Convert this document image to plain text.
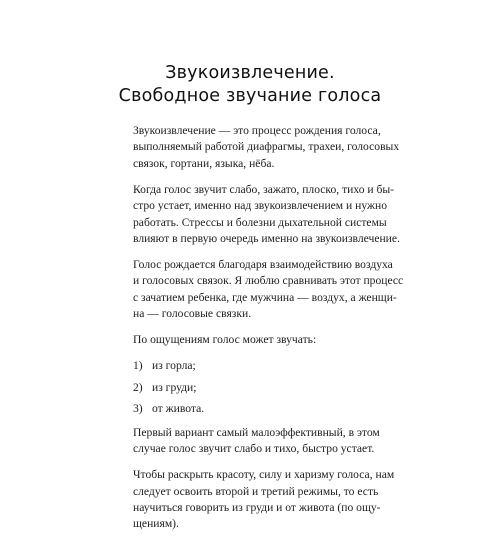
Звукоизвлечение.
Свободное звучание голоса

Звукоизвлечение — это процесс рождения голоса,
выполняемый работой диафрагмы, трахеи, голосовых
связок, гортани, языка, нёба.

Когда голос звучит слабо, зажато, плоско, тихо и бы-
стро устает, именно над звукоизвлечением и нужно
работать. Стрессы и болезни дыхательной системы
влияют в первую очередь именно на звукоизвлечение.

Голос рождается благодаря взаимодействию воздуха
и голосовых связок. Я люблю сравнивать этот процесс
с зачатием ребенка, где мужчина — воздух, а женщи-
на — голосовые связки.

По ощущениям голос может звучать:

1) из горла;
2) из груди;
3) от живота.

Первый вариант самый малоэффективный, в этом
случае голос звучит слабо и тихо, быстро устает.

Чтобы раскрыть красоту, силу и харизму голоса, нам
следует освоить второй и третий режимы, то есть
научиться говорить из груди и от живота (по ощу-
щениям).
